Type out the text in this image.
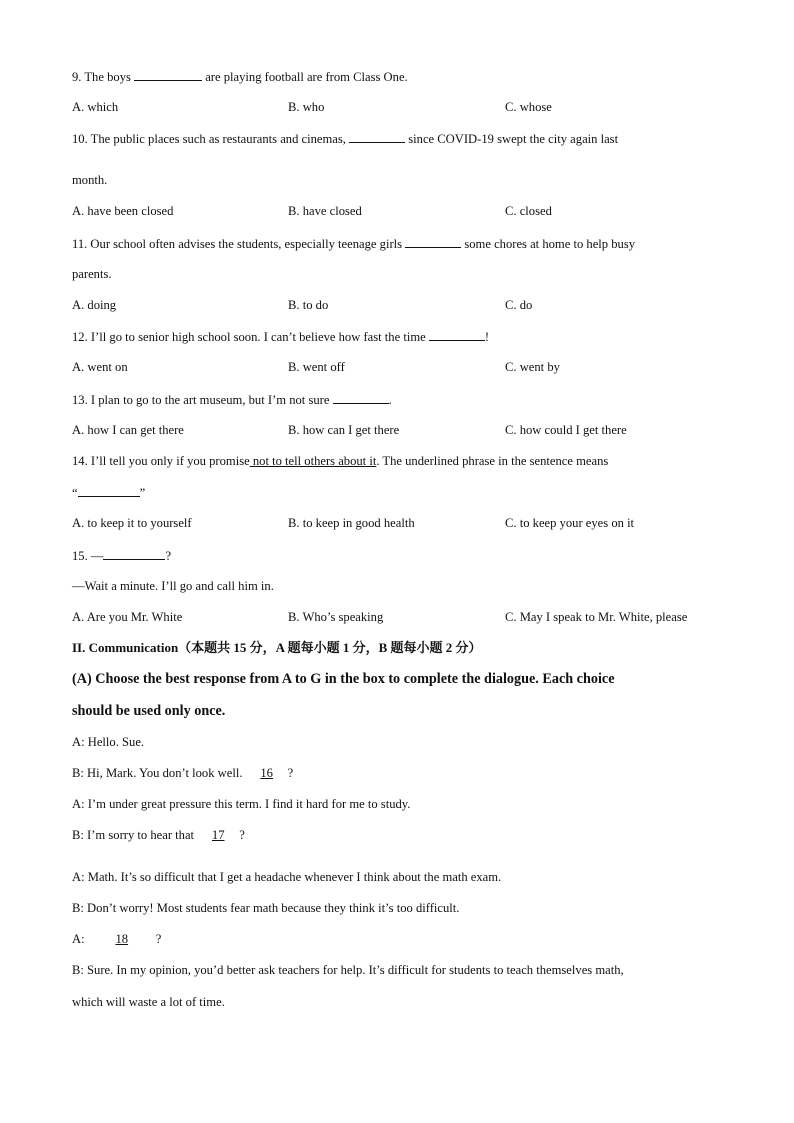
9. The boys	are playing football are from Class One.
A. which	B. who	C. whose
10. The public places such as restaurants and cinemas,	since COVID-19 swept the city again last
month.
A. have been closed	B. have closed	C. closed
11. Our school often advises the students, especially teenage girls	some chores at home to help busy
parents.
A. doing	B. to do	C. do
12. I’ll go to senior high school soon. I can’t believe how fast the time	!
A. went on	B. went off	C. went by
13. I plan to go to the art museum, but I’m not sure	.
A. how I can get there	B. how can I get there	C. how could I get there
14. I’ll tell you only if you promise not to tell others about it. The underlined phrase in the sentence means
“	”
A. to keep it to yourself	B. to keep in good health	C. to keep your eyes on it
15. —	?
—Wait a minute. I’ll go and call him in.
A. Are you Mr. White	B. Who’s speaking	C. May I speak to Mr. White, please
II. Communication（本题共 15 分，A 题每小题 1 分，B 题每小题 2 分）
(A) Choose the best response from A to G in the box to complete the dialogue. Each choice
should be used only once.
A: Hello. Sue.
B: Hi, Mark. You don’t look well. 16 ?
A: I’m under great pressure this term. I find it hard for me to study.
B: I’m sorry to hear that 17 ?
A: Math. It’s so difficult that I get a headache whenever I think about the math exam.
B: Don’t worry! Most students fear math because they think it’s too difficult.
A: 18 ?
B: Sure. In my opinion, you’d better ask teachers for help. It’s difficult for students to teach themselves math,
which will waste a lot of time.
